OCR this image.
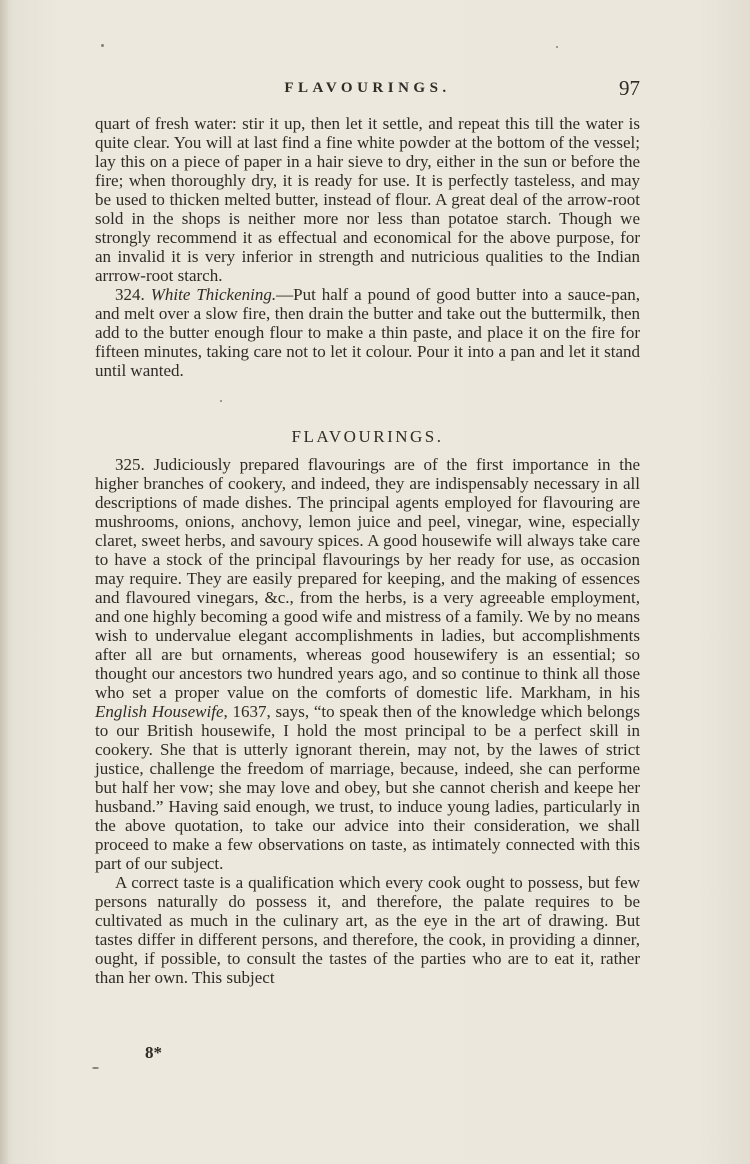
FLAVOURINGS.	97

quart of fresh water: stir it up, then let it settle, and repeat this till the water is quite clear. You will at last find a fine white powder at the bottom of the vessel; lay this on a piece of paper in a hair sieve to dry, either in the sun or before the fire; when thoroughly dry, it is ready for use. It is perfectly tasteless, and may be used to thicken melted butter, instead of flour. A great deal of the arrow-root sold in the shops is neither more nor less than potatoe starch. Though we strongly recommend it as effectual and economical for the above purpose, for an invalid it is very inferior in strength and nutricious qualities to the Indian arrrow-root starch.

324. White Thickening.—Put half a pound of good butter into a sauce-pan, and melt over a slow fire, then drain the butter and take out the buttermilk, then add to the butter enough flour to make a thin paste, and place it on the fire for fifteen minutes, taking care not to let it colour. Pour it into a pan and let it stand until wanted.

FLAVOURINGS.

325. Judiciously prepared flavourings are of the first importance in the higher branches of cookery, and indeed, they are indispensably necessary in all descriptions of made dishes. The principal agents employed for flavouring are mushrooms, onions, anchovy, lemon juice and peel, vinegar, wine, especially claret, sweet herbs, and savoury spices. A good housewife will always take care to have a stock of the principal flavourings by her ready for use, as occasion may require. They are easily prepared for keeping, and the making of essences and flavoured vinegars, &c., from the herbs, is a very agreeable employment, and one highly becoming a good wife and mistress of a family. We by no means wish to undervalue elegant accomplishments in ladies, but accomplishments after all are but ornaments, whereas good housewifery is an essential; so thought our ancestors two hundred years ago, and so continue to think all those who set a proper value on the comforts of domestic life. Markham, in his English Housewife, 1637, says, “to speak then of the knowledge which belongs to our British housewife, I hold the most principal to be a perfect skill in cookery. She that is utterly ignorant therein, may not, by the lawes of strict justice, challenge the freedom of marriage, because, indeed, she can performe but half her vow; she may love and obey, but she cannot cherish and keepe her husband.” Having said enough, we trust, to induce young ladies, particularly in the above quotation, to take our advice into their consideration, we shall proceed to make a few observations on taste, as intimately connected with this part of our subject.

A correct taste is a qualification which every cook ought to possess, but few persons naturally do possess it, and therefore, the palate requires to be cultivated as much in the culinary art, as the eye in the art of drawing. But tastes differ in different persons, and therefore, the cook, in providing a dinner, ought, if possible, to consult the tastes of the parties who are to eat it, rather than her own. This subject

8*
